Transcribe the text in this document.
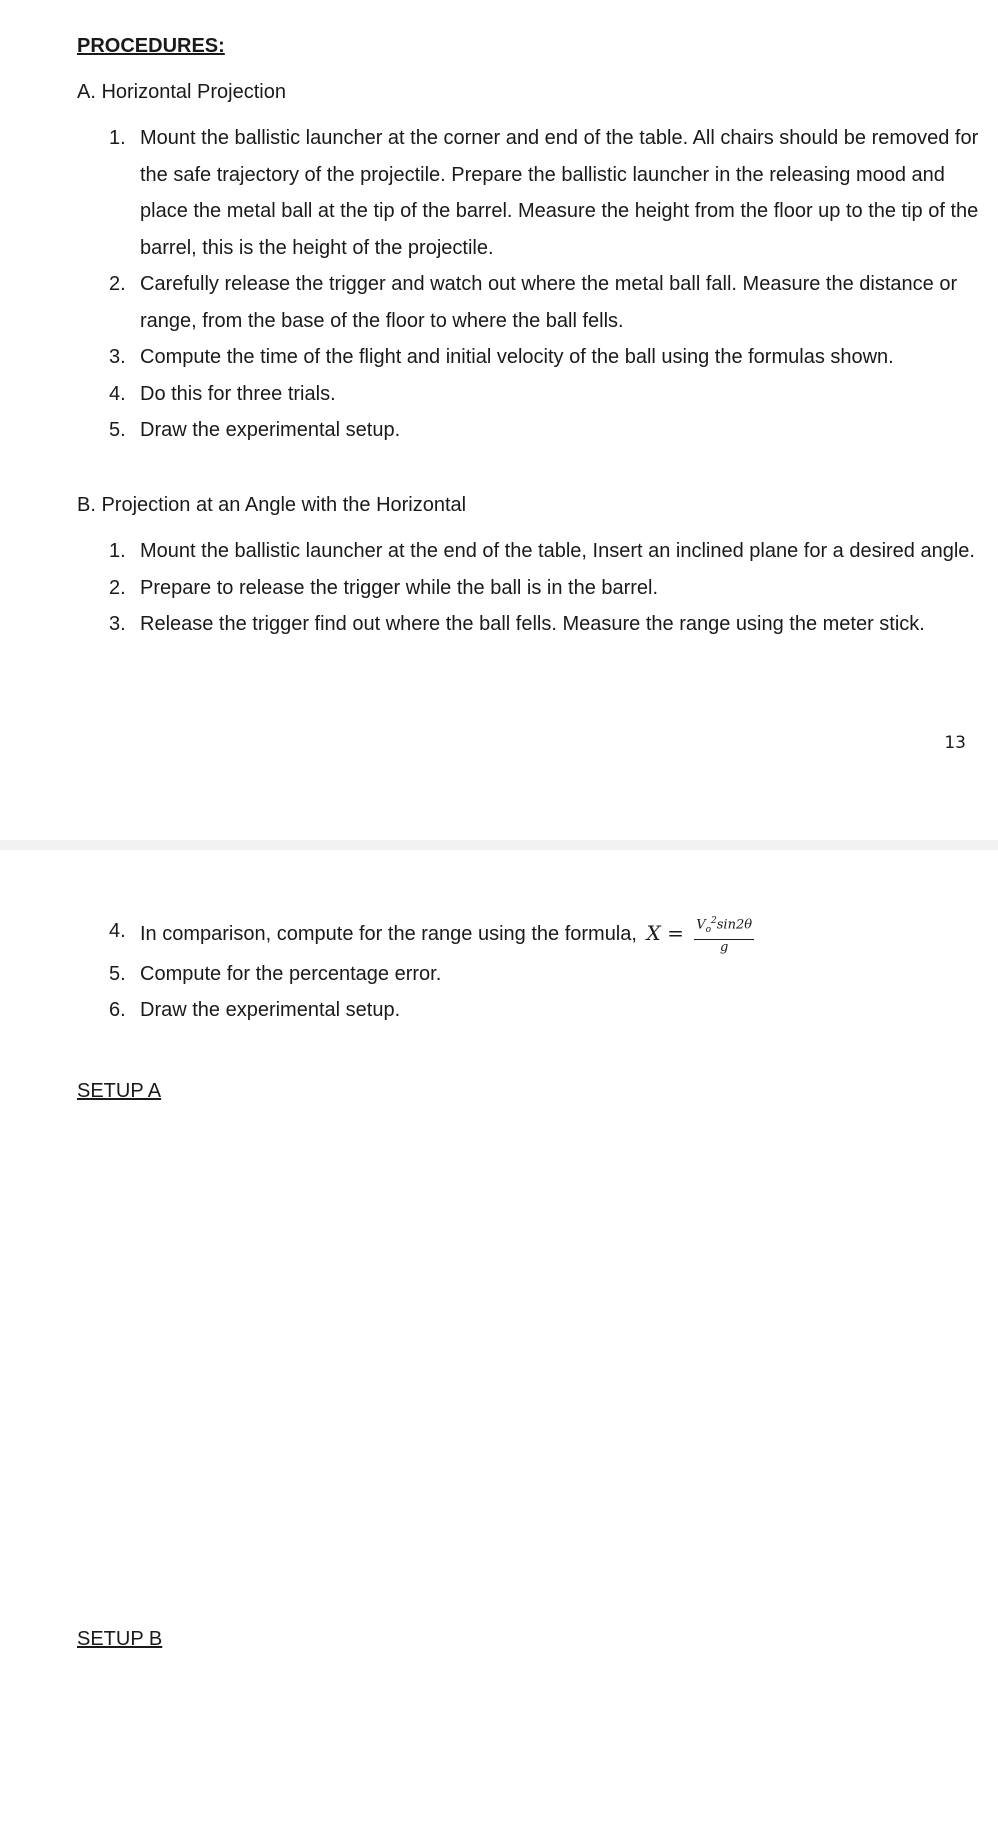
PROCEDURES:
A. Horizontal Projection
1. Mount the ballistic launcher at the corner and end of the table. All chairs should be removed for the safe trajectory of the projectile. Prepare the ballistic launcher in the releasing mood and place the metal ball at the tip of the barrel. Measure the height from the floor up to the tip of the barrel, this is the height of the projectile.
2. Carefully release the trigger and watch out where the metal ball fall. Measure the distance or range, from the base of the floor to where the ball fells.
3. Compute the time of the flight and initial velocity of the ball using the formulas shown.
4. Do this for three trials.
5. Draw the experimental setup.
B. Projection at an Angle with the Horizontal
1. Mount the ballistic launcher at the end of the table, Insert an inclined plane for a desired angle.
2. Prepare to release the trigger while the ball is in the barrel.
3. Release the trigger find out where the ball fells. Measure the range using the meter stick.
13
4. In comparison, compute for the range using the formula, $X = \frac{V_o^2\sin 2\theta}{g}$
5. Compute for the percentage error.
6. Draw the experimental setup.
SETUP A
SETUP B
